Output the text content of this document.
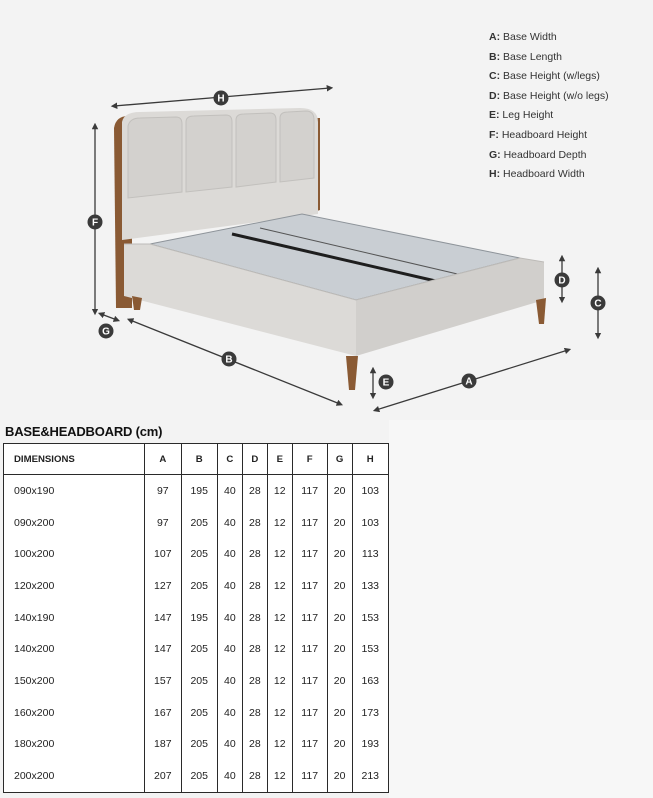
H
F
G
B
A
C
D
E
A: Base Width
B: Base Length
C: Base Height (w/legs)
D: Base Height (w/o legs)
E: Leg Height
F: Headboard Height
G: Headboard Depth
H: Headboard Width
BASE&HEADBOARD (cm)
DIMENSIONS	A	B	C	D	E	F	G	H
090x190	97	195	40	28	12	117	20	103
090x200	97	205	40	28	12	117	20	103
100x200	107	205	40	28	12	117	20	113
120x200	127	205	40	28	12	117	20	133
140x190	147	195	40	28	12	117	20	153
140x200	147	205	40	28	12	117	20	153
150x200	157	205	40	28	12	117	20	163
160x200	167	205	40	28	12	117	20	173
180x200	187	205	40	28	12	117	20	193
200x200	207	205	40	28	12	117	20	213
